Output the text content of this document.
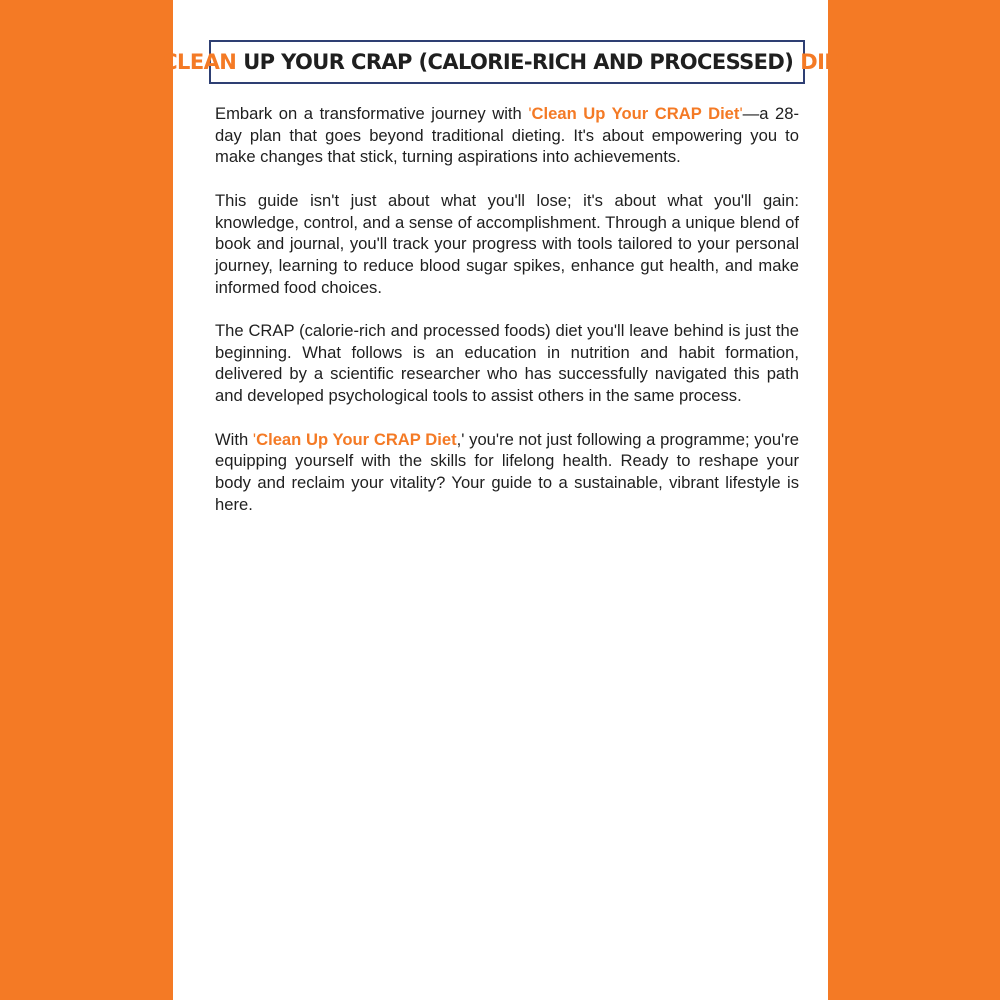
CLEAN UP YOUR CRAP (CALORIE-RICH AND PROCESSED) DIET

Embark on a transformative journey with 'Clean Up Your CRAP Diet'—a 28-day plan that goes beyond traditional dieting. It's about empowering you to make changes that stick, turning aspirations into achievements.

This guide isn't just about what you'll lose; it's about what you'll gain: knowledge, control, and a sense of accomplishment. Through a unique blend of book and journal, you'll track your progress with tools tailored to your personal journey, learning to reduce blood sugar spikes, enhance gut health, and make informed food choices.

The CRAP (calorie-rich and processed foods) diet you'll leave behind is just the beginning. What follows is an education in nutrition and habit formation, delivered by a scientific researcher who has successfully navigated this path and developed psychological tools to assist others in the same process.

With 'Clean Up Your CRAP Diet,' you're not just following a programme; you're equipping yourself with the skills for lifelong health. Ready to reshape your body and reclaim your vitality? Your guide to a sustainable, vibrant lifestyle is here.
